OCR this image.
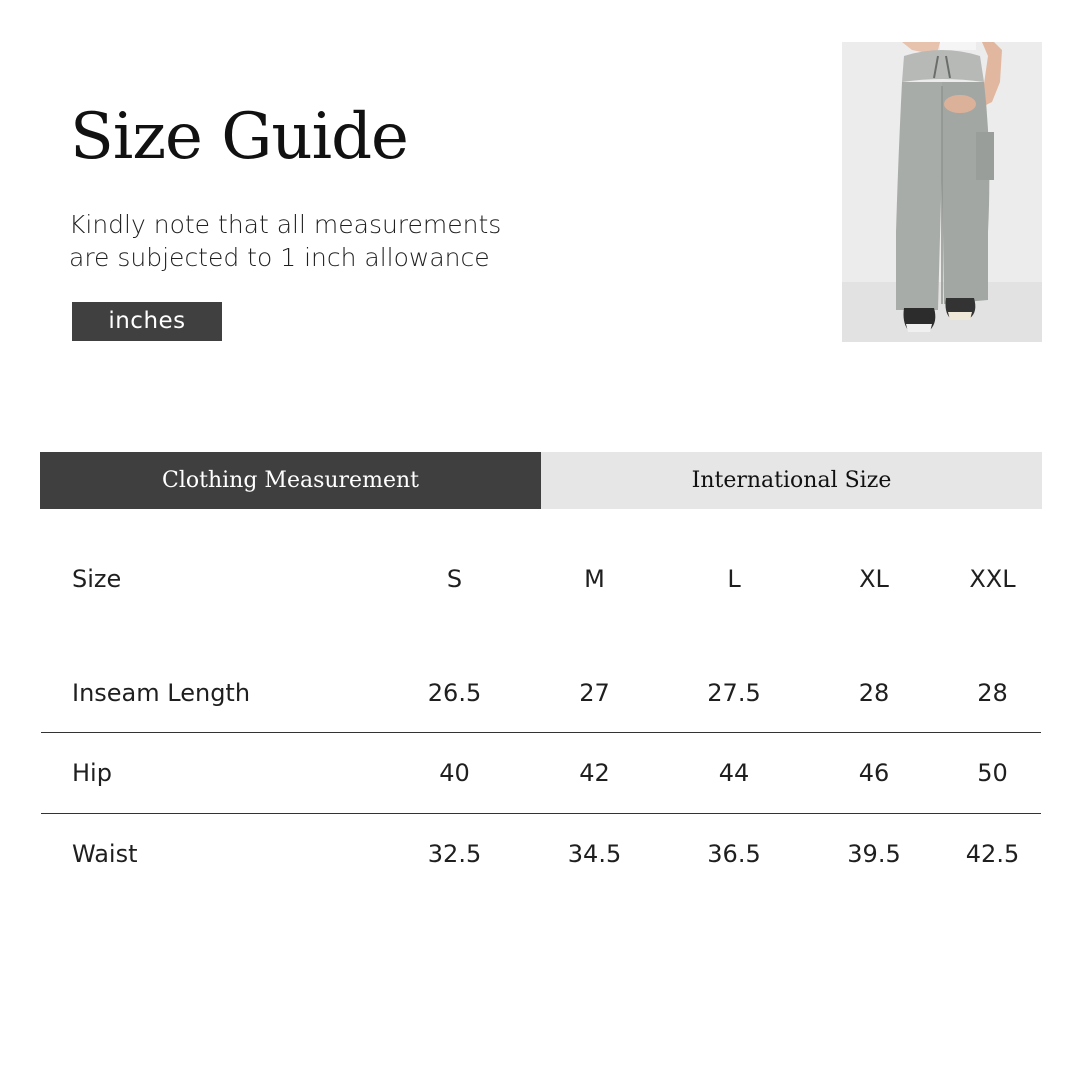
Size Guide
Kindly note that all measurements
are subjected to 1 inch allowance
inches
Clothing Measurement	International Size
Size	S	M	L	XL	XXL

Inseam Length	26.5	27	27.5	28	28
Hip	40	42	44	46	50
Waist	32.5	34.5	36.5	39.5	42.5
